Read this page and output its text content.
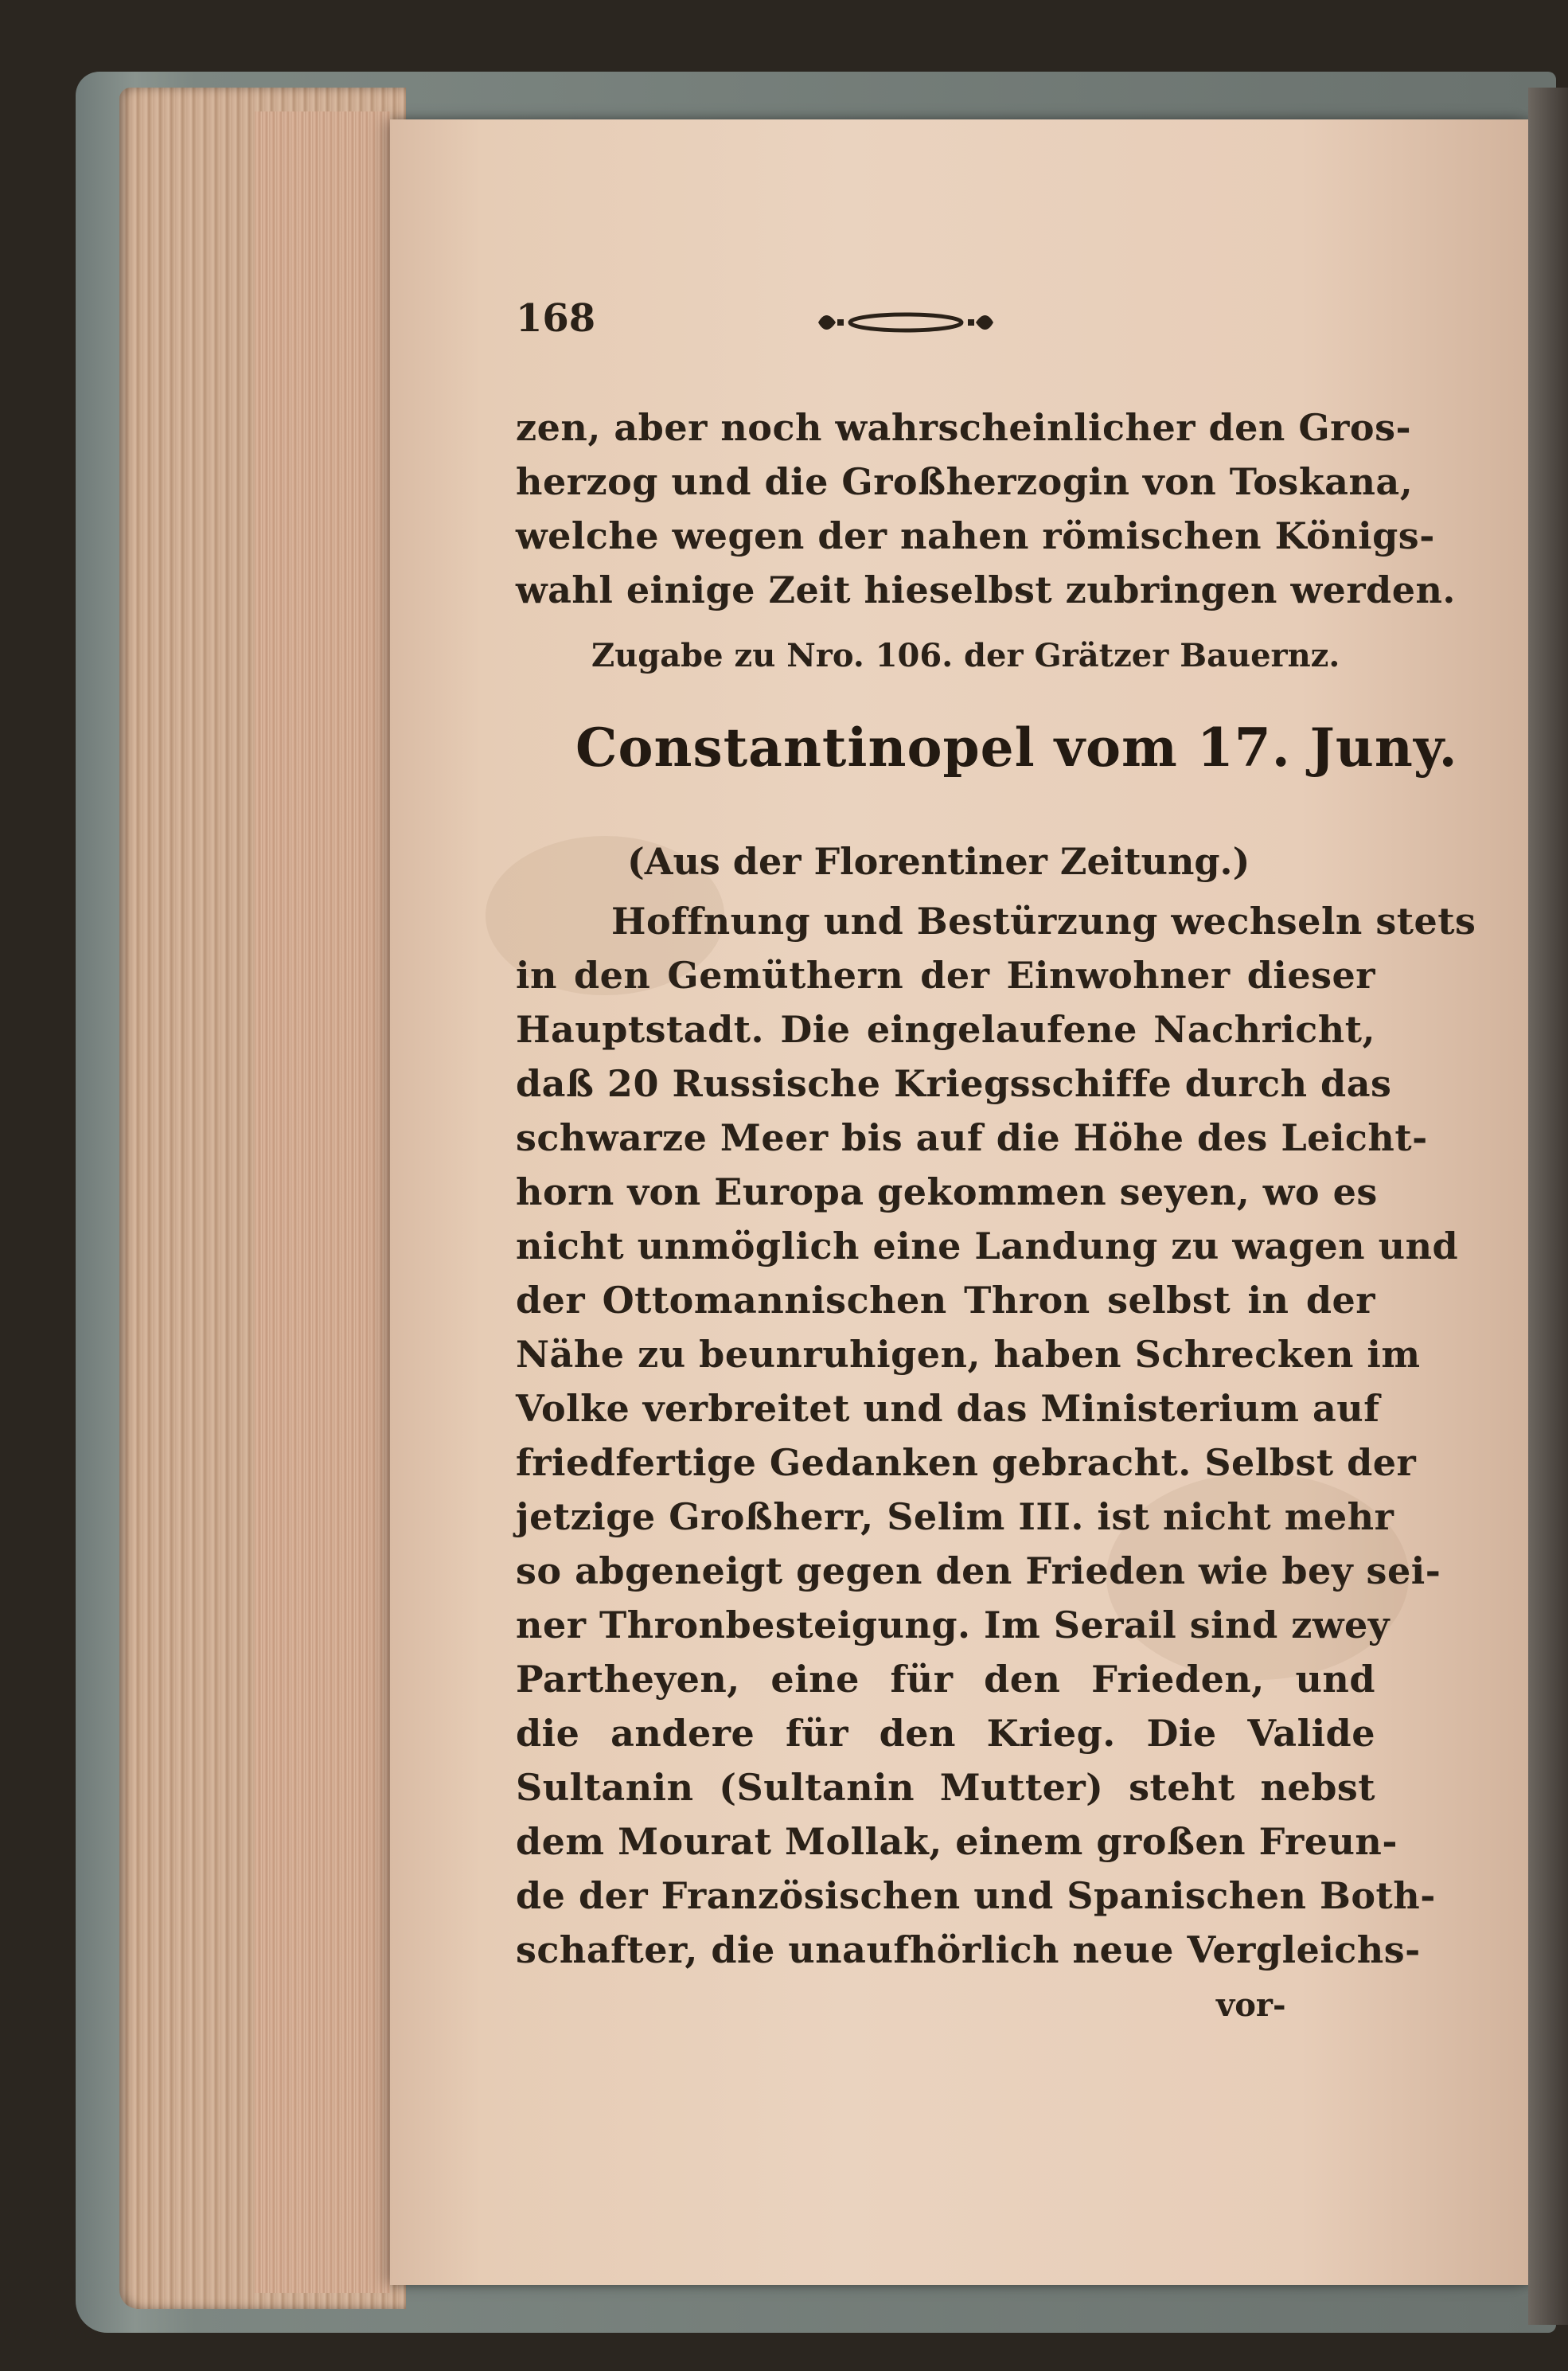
168
zen, aber noch wahrscheinlicher den Gros-
herzog und die Großherzogin von Toskana,
welche wegen der nahen römischen Königs-
wahl einige Zeit hieselbst zubringen werden.
Zugabe zu Nro. 106. der Grätzer Bauernz.
Constantinopel vom 17. Juny.
(Aus der Florentiner Zeitung.)
Hoffnung und Bestürzung wechseln stets
in den Gemüthern der Einwohner dieser
Hauptstadt. Die eingelaufene Nachricht,
daß 20 Russische Kriegsschiffe durch das
schwarze Meer bis auf die Höhe des Leicht-
horn von Europa gekommen seyen, wo es
nicht unmöglich eine Landung zu wagen und
der Ottomannischen Thron selbst in der
Nähe zu beunruhigen, haben Schrecken im
Volke verbreitet und das Ministerium auf
friedfertige Gedanken gebracht. Selbst der
jetzige Großherr, Selim III. ist nicht mehr
so abgeneigt gegen den Frieden wie bey sei-
ner Thronbesteigung. Im Serail sind zwey
Partheyen, eine für den Frieden, und
die andere für den Krieg. Die Valide
Sultanin (Sultanin Mutter) steht nebst
dem Mourat Mollak, einem großen Freun-
de der Französischen und Spanischen Both-
schafter, die unaufhörlich neue Vergleichs-
vor-
